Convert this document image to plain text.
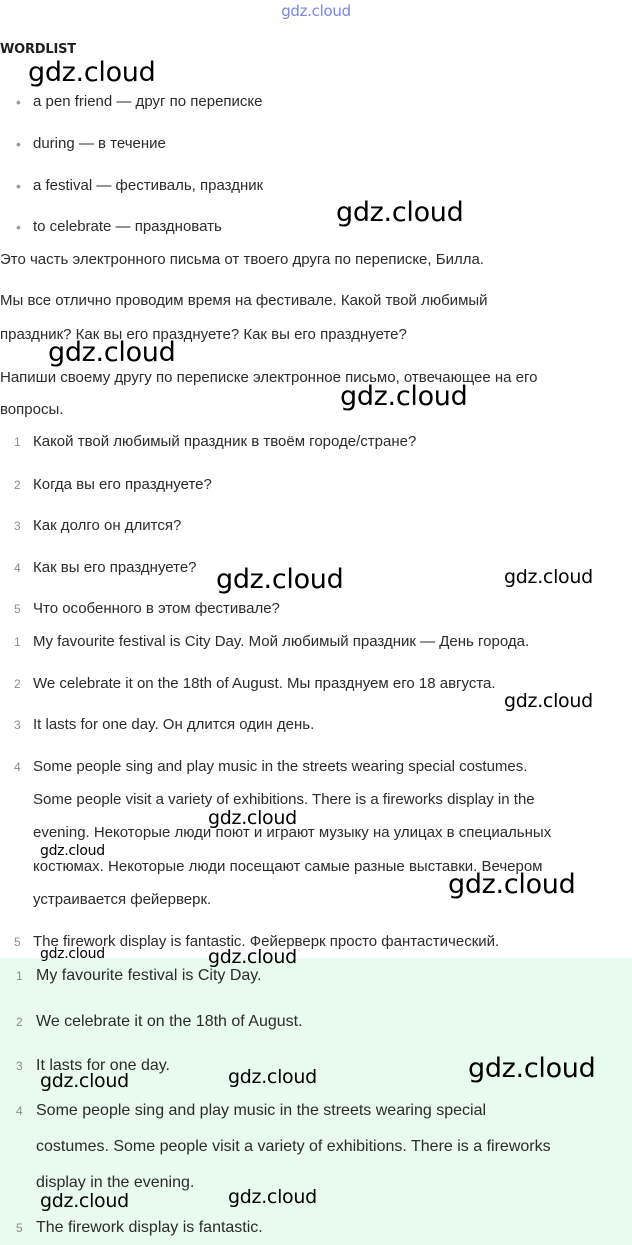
gdz.cloud
WORDLIST
• a pen friend — друг по переписке
• during — в течение
• a festival — фестиваль, праздник
• to celebrate — праздновать
Это часть электронного письма от твоего друга по переписке, Билла.
Мы все отлично проводим время на фестивале. Какой твой любимый
праздник? Как вы его празднуете? Как вы его празднуете?
Напиши своему другу по переписке электронное письмо, отвечающее на его
вопросы.
1 Какой твой любимый праздник в твоём городе/стране?
2 Когда вы его празднуете?
3 Как долго он длится?
4 Как вы его празднуете?
5 Что особенного в этом фестивале?
1 My favourite festival is City Day. Мой любимый праздник — День города.
2 We celebrate it on the 18th of August. Мы празднуем его 18 августа.
3 It lasts for one day. Он длится один день.
4 Some people sing and play music in the streets wearing special costumes.
Some people visit a variety of exhibitions. There is a fireworks display in the
evening. Некоторые люди поют и играют музыку на улицах в специальных
костюмах. Некоторые люди посещают самые разные выставки. Вечером
устраивается фейерверк.
5 The firework display is fantastic. Фейерверк просто фантастический.
1 My favourite festival is City Day.
2 We celebrate it on the 18th of August.
3 It lasts for one day.
4 Some people sing and play music in the streets wearing special
costumes. Some people visit a variety of exhibitions. There is a fireworks
display in the evening.
5 The firework display is fantastic.
gdz.cloud
gdz.cloud
gdz.cloud
gdz.cloud
gdz.cloud	gdz.cloud
gdz.cloud
gdz.cloud
gdz.cloud
gdz.cloud
gdz.cloud	gdz.cloud
gdz.cloud
gdz.cloud	gdz.cloud
gdz.cloud	gdz.cloud
